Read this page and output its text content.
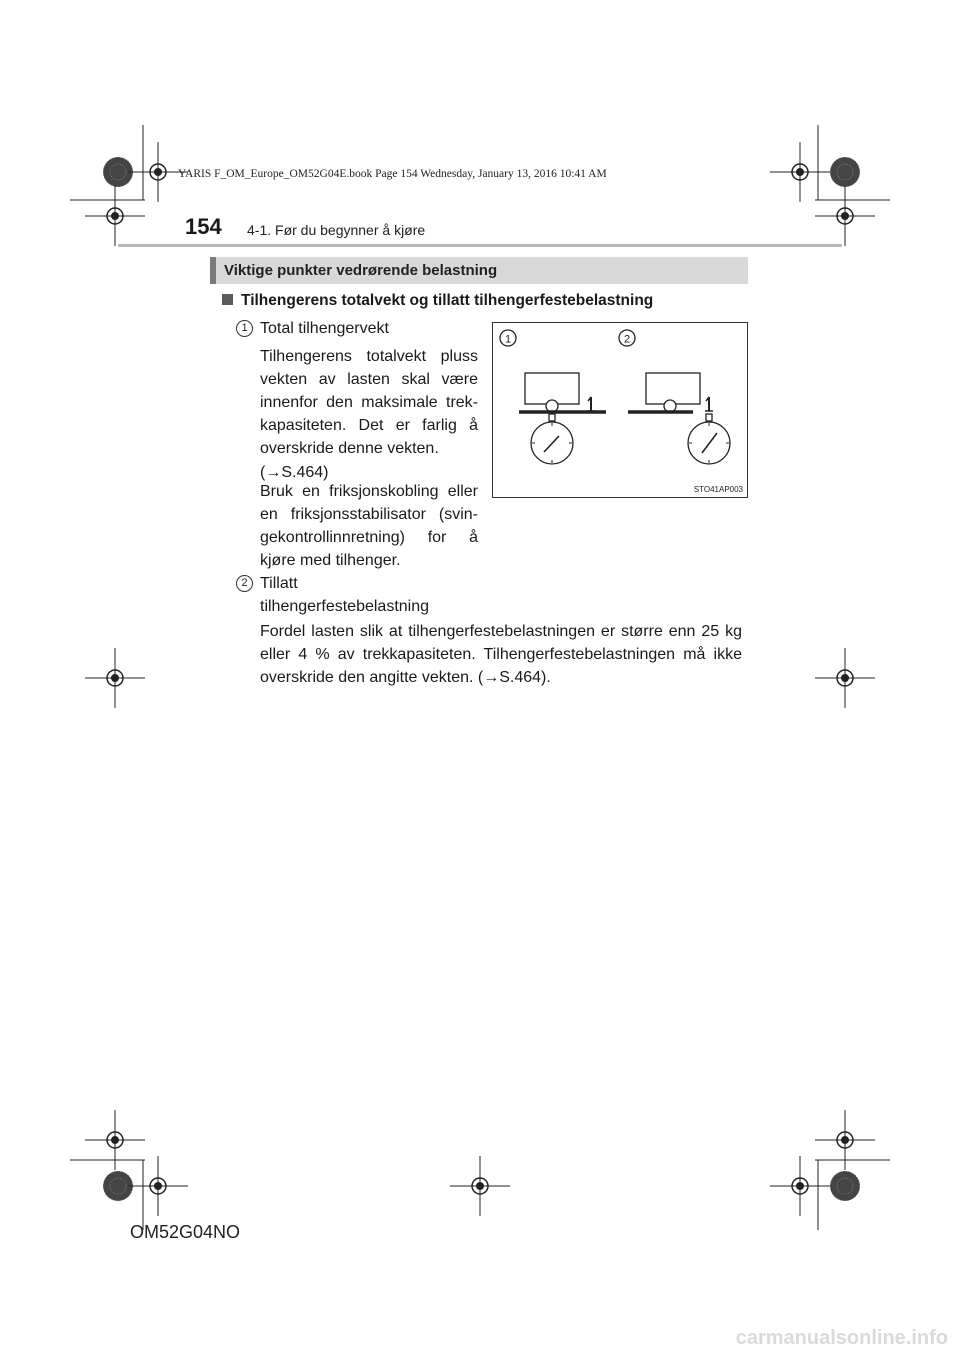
YARIS F_OM_Europe_OM52G04E.book Page 154 Wednesday, January 13, 2016 10:41 AM
154 4-1. Før du begynner å kjøre
Viktige punkter vedrørende belastning
Tilhengerens totalvekt og tillatt tilhengerfestebelastning
1 Total tilhengervekt
Tilhengerens totalvekt pluss vekten av lasten skal være innenfor den maksimale trek-kapasiteten. Det er farlig å overskride denne vekten.
(→S.464)
Bruk en friksjonskobling eller en friksjonsstabilisator (svin-gekontrollinnretning) for å kjøre med tilhenger.
2 Tillatt
tilhengerfestebelastning
Fordel lasten slik at tilhengerfestebelastningen er større enn 25 kg eller 4 % av trekkapasiteten. Tilhengerfestebelastningen må ikke overskride den angitte vekten. (→S.464).
1	2
STO41AP003
OM52G04NO
carmanualsonline.info
